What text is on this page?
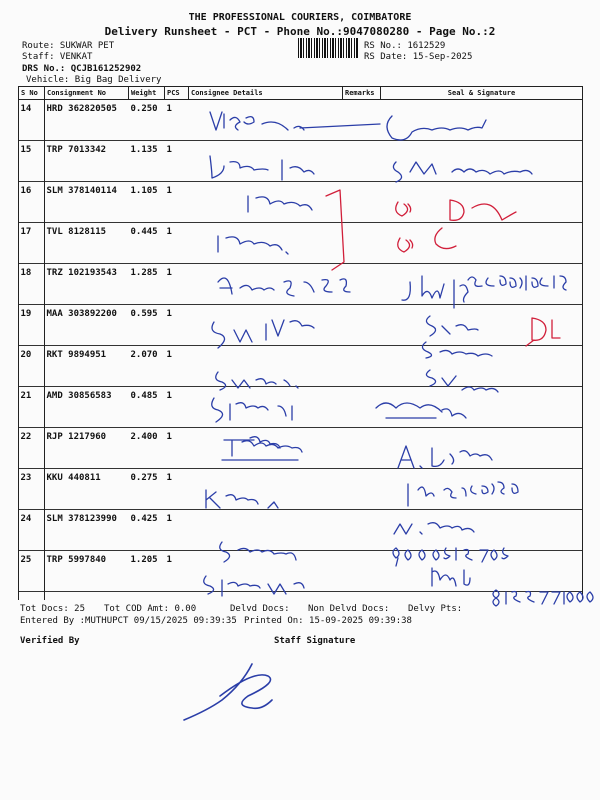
THE PROFESSIONAL COURIERS, COIMBATORE
Delivery Runsheet - PCT - Phone No.:9047080280 - Page No.:2
Route: SUKWAR PET
Staff: VENKAT
DRS No.: QCJB161252902
Vehicle: Big Bag Delivery
RS No.: 1612529
RS Date: 15-Sep-2025
S No	Consignment No	Weight	PCS	Consignee Details	Remarks	Seal & Signature
14	HRD 362820505	0.250	1			
15	TRP 7013342	1.135	1			
16	SLM 378140114	1.105	1			
17	TVL 8128115	0.445	1			
18	TRZ 102193543	1.285	1			
19	MAA 303892200	0.595	1			
20	RKT 9894951	2.070	1			
21	AMD 30856583	0.485	1			
22	RJP 1217960	2.400	1			
23	KKU 440811	0.275	1			
24	SLM 378123990	0.425	1			
25	TRP 5997840	1.205	1			
Tot Docs: 25 Tot COD Amt: 0.00	Delvd Docs: Non Delvd Docs: Delvy Pts:
Entered By :MUTHUPCT 09/15/2025 09:39:35 Printed On: 15-09-2025 09:39:38
Verified By	Staff Signature
